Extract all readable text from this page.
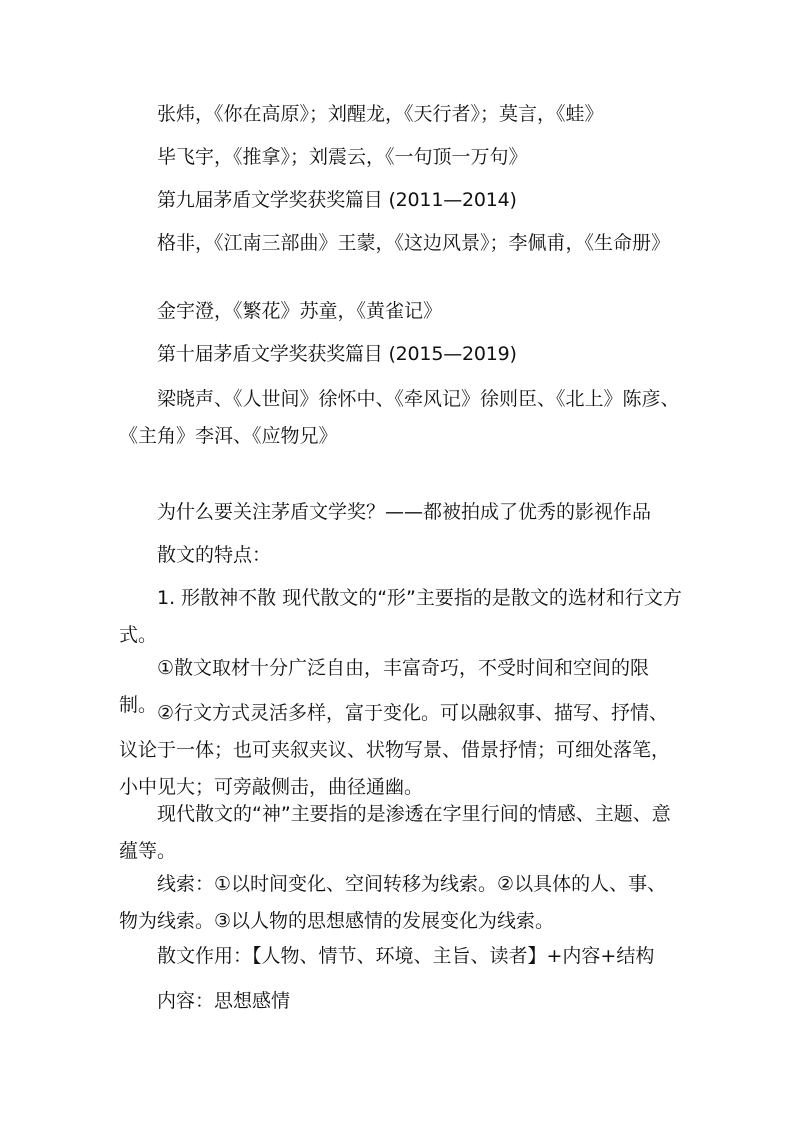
张炜，《你在高原》；刘醒龙，《天行者》；莫言，《蛙》

毕飞宇，《推拿》；刘震云，《一句顶一万句》

第九届茅盾文学奖获奖篇目 (2011—2014)

格非，《江南三部曲》王蒙，《这边风景》；李佩甫，《生命册》

金宇澄，《繁花》苏童，《黄雀记》

第十届茅盾文学奖获奖篇目 (2015—2019)

梁晓声、《人世间》徐怀中、《牵风记》徐则臣、《北上》陈彦、《主角》李洱、《应物兄》

为什么要关注茅盾文学奖？——都被拍成了优秀的影视作品

散文的特点：

1. 形散神不散 现代散文的“形”主要指的是散文的选材和行文方式。

①散文取材十分广泛自由，丰富奇巧，不受时间和空间的限制。 ②行文方式灵活多样，富于变化。可以融叙事、描写、抒情、议论于一体；也可夹叙夹议、状物写景、借景抒情；可细处落笔，小中见大；可旁敲侧击，曲径通幽。

现代散文的“神”主要指的是渗透在字里行间的情感、主题、意蕴等。

线索：①以时间变化、空间转移为线索。②以具体的人、事、物为线索。③以人物的思想感情的发展变化为线索。

散文作用：【人物、情节、环境、主旨、读者】+内容+结构

内容：思想感情
